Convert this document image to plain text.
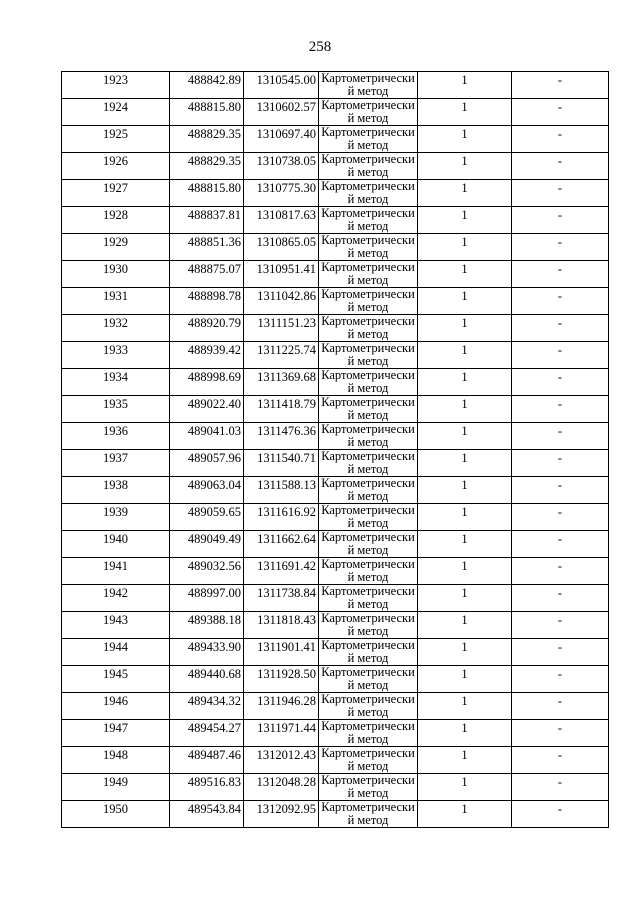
258
1923	488842.89	1310545.00	Картометрически й метод	1	-

1924	488815.80	1310602.57	Картометрически й метод	1	-

1925	488829.35	1310697.40	Картометрически й метод	1	-

1926	488829.35	1310738.05	Картометрически й метод	1	-

1927	488815.80	1310775.30	Картометрически й метод	1	-

1928	488837.81	1310817.63	Картометрически й метод	1	-

1929	488851.36	1310865.05	Картометрически й метод	1	-

1930	488875.07	1310951.41	Картометрически й метод	1	-

1931	488898.78	1311042.86	Картометрически й метод	1	-

1932	488920.79	1311151.23	Картометрически й метод	1	-

1933	488939.42	1311225.74	Картометрически й метод	1	-

1934	488998.69	1311369.68	Картометрически й метод	1	-

1935	489022.40	1311418.79	Картометрически й метод	1	-

1936	489041.03	1311476.36	Картометрически й метод	1	-

1937	489057.96	1311540.71	Картометрически й метод	1	-

1938	489063.04	1311588.13	Картометрически й метод	1	-

1939	489059.65	1311616.92	Картометрически й метод	1	-

1940	489049.49	1311662.64	Картометрически й метод	1	-

1941	489032.56	1311691.42	Картометрически й метод	1	-

1942	488997.00	1311738.84	Картометрически й метод	1	-

1943	489388.18	1311818.43	Картометрически й метод	1	-

1944	489433.90	1311901.41	Картометрически й метод	1	-

1945	489440.68	1311928.50	Картометрически й метод	1	-

1946	489434.32	1311946.28	Картометрически й метод	1	-

1947	489454.27	1311971.44	Картометрически й метод	1	-

1948	489487.46	1312012.43	Картометрически й метод	1	-

1949	489516.83	1312048.28	Картометрически й метод	1	-

1950	489543.84	1312092.95	Картометрически й метод	1	-
